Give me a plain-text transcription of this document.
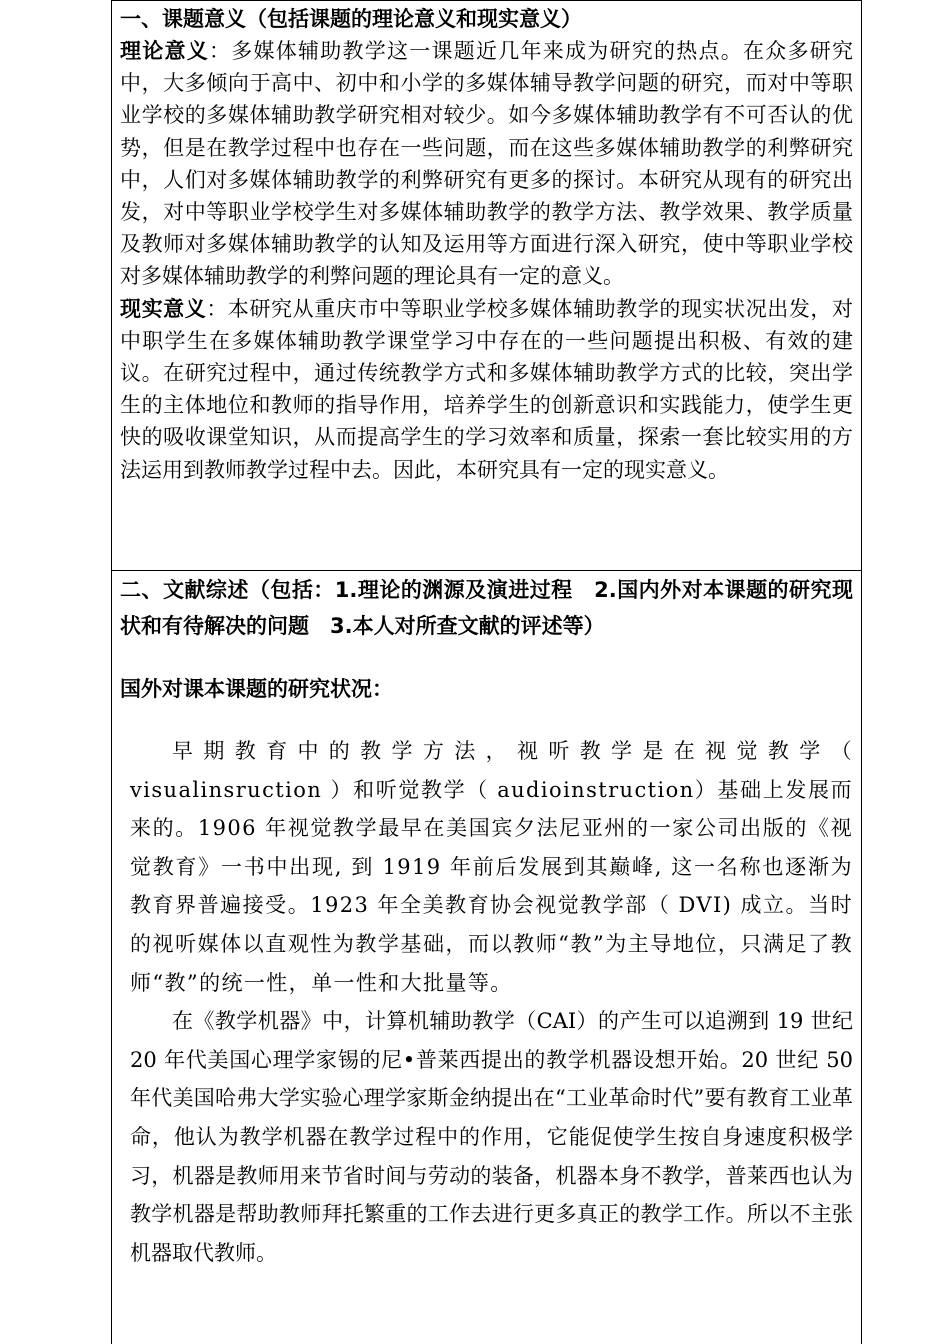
一、课题意义（包括课题的理论意义和现实意义）

理论意义：多媒体辅助教学这一课题近几年来成为研究的热点。在众多研究中，大多倾向于高中、初中和小学的多媒体辅导教学问题的研究，而对中等职业学校的多媒体辅助教学研究相对较少。如今多媒体辅助教学有不可否认的优势，但是在教学过程中也存在一些问题，而在这些多媒体辅助教学的利弊研究中，人们对多媒体辅助教学的利弊研究有更多的探讨。本研究从现有的研究出发，对中等职业学校学生对多媒体辅助教学的教学方法、教学效果、教学质量及教师对多媒体辅助教学的认知及运用等方面进行深入研究，使中等职业学校对多媒体辅助教学的利弊问题的理论具有一定的意义。

现实意义：本研究从重庆市中等职业学校多媒体辅助教学的现实状况出发，对中职学生在多媒体辅助教学课堂学习中存在的一些问题提出积极、有效的建议。在研究过程中，通过传统教学方式和多媒体辅助教学方式的比较，突出学生的主体地位和教师的指导作用，培养学生的创新意识和实践能力，使学生更快的吸收课堂知识，从而提高学生的学习效率和质量，探索一套比较实用的方法运用到教师教学过程中去。因此，本研究具有一定的现实意义。

二、文献综述（包括：1.理论的渊源及演进过程　2.国内外对本课题的研究现状和有待解决的问题　3.本人对所查文献的评述等）
国外对课本课题的研究状况：

早期教育中的教学方法，视听教学是在视觉教学（ visualinsruction ）和听觉教学（ audioinstruction）基础上发展而来的。1906 年视觉教学最早在美国宾夕法尼亚州的一家公司出版的《视觉教育》一书中出现, 到 1919 年前后发展到其巅峰, 这一名称也逐渐为教育界普遍接受。1923 年全美教育协会视觉教学部（ DVI) 成立。当时的视听媒体以直观性为教学基础，而以教师“教”为主导地位，只满足了教师“教”的统一性，单一性和大批量等。

在《教学机器》中，计算机辅助教学（CAI）的产生可以追溯到 19 世纪 20 年代美国心理学家锡的尼•普莱西提出的教学机器设想开始。20 世纪 50 年代美国哈弗大学实验心理学家斯金纳提出在“工业革命时代”要有教育工业革命，他认为教学机器在教学过程中的作用，它能促使学生按自身速度积极学习，机器是教师用来节省时间与劳动的装备，机器本身不教学，普莱西也认为教学机器是帮助教师拜托繁重的工作去进行更多真正的教学工作。所以不主张机器取代教师。
